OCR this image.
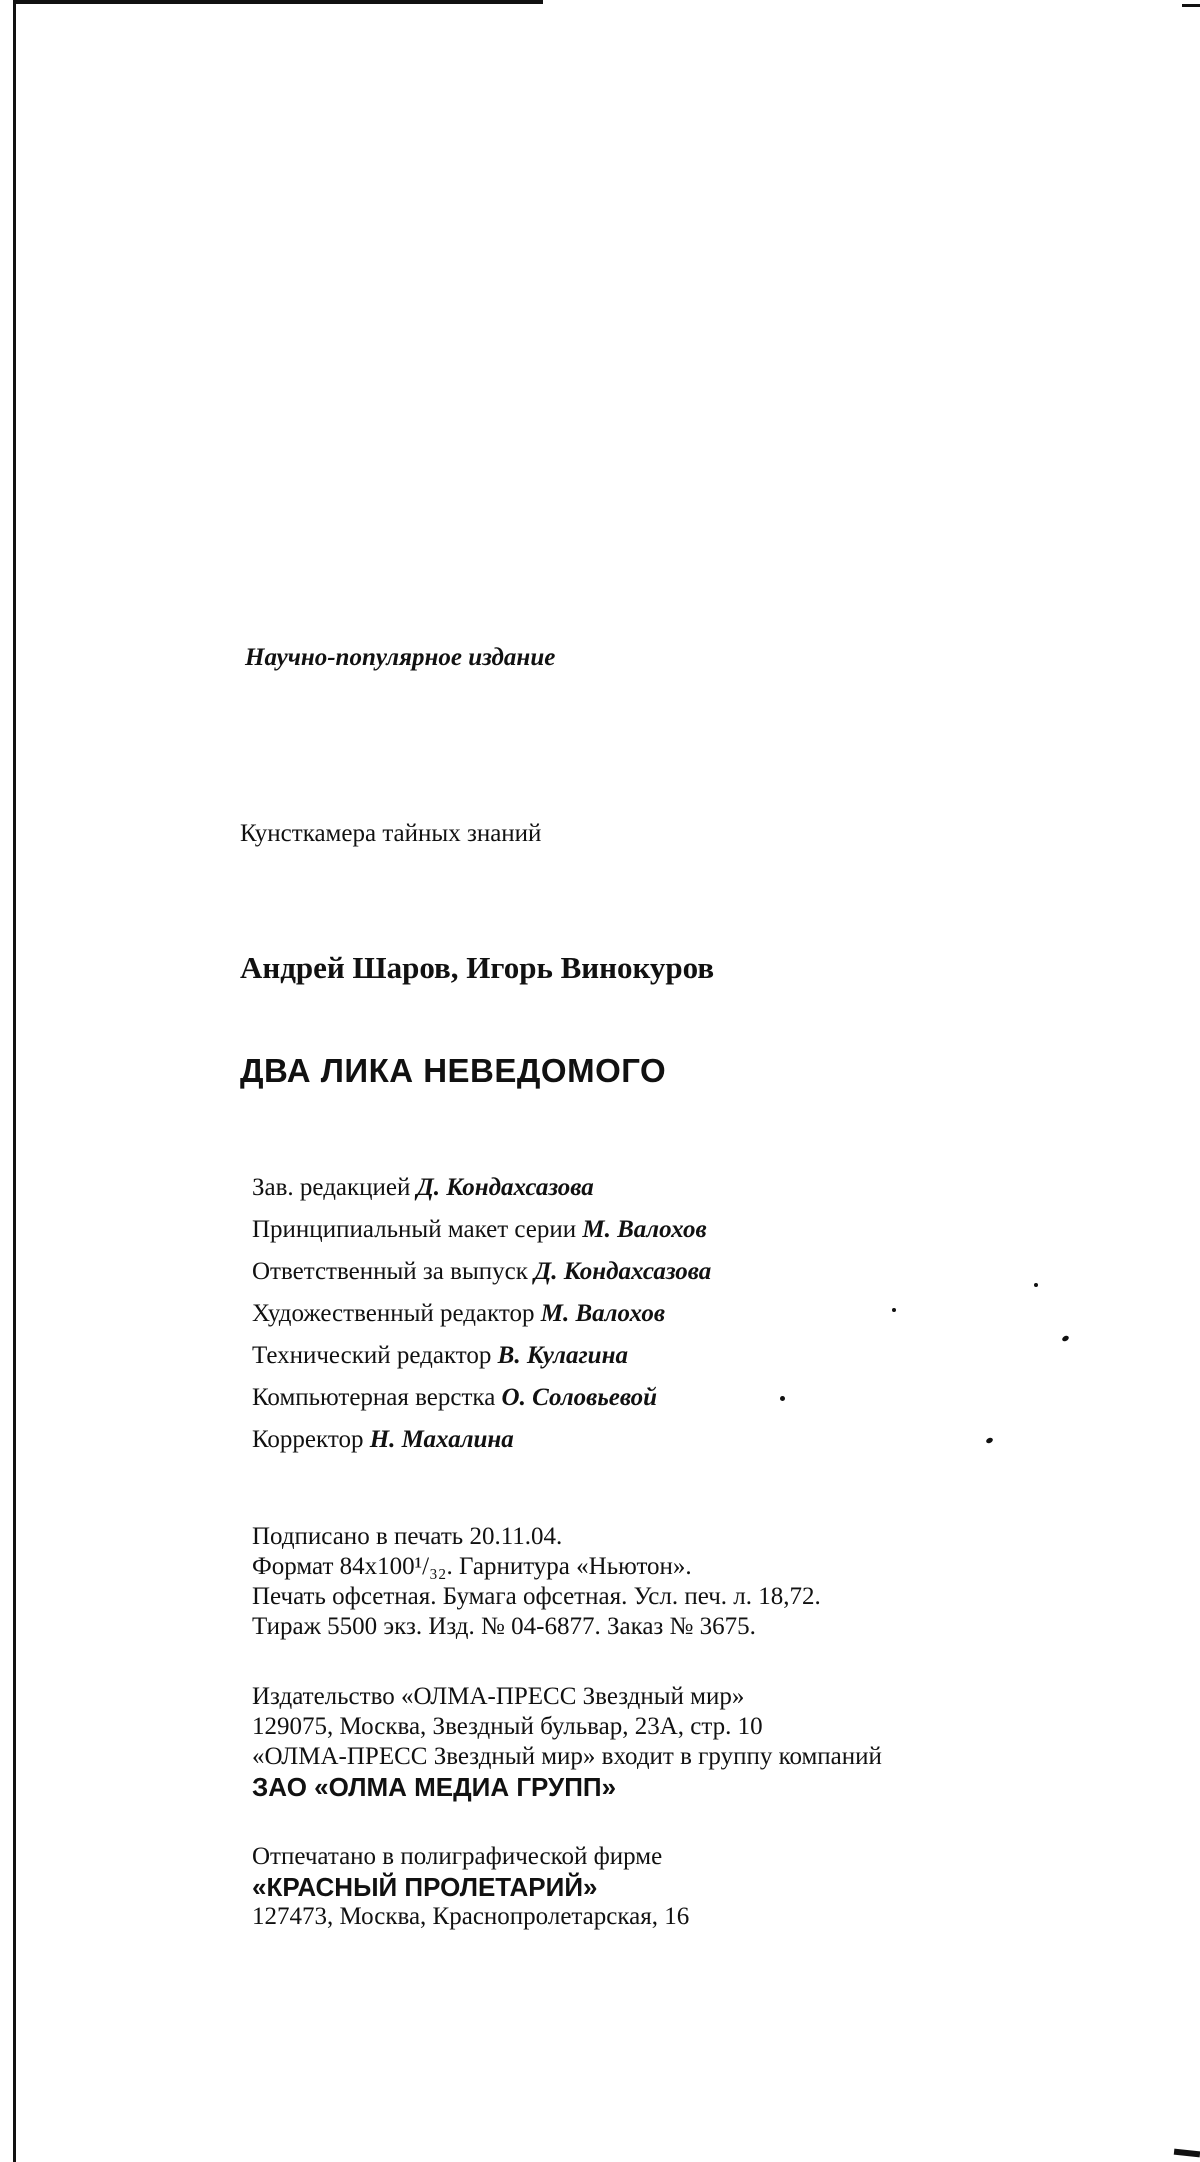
Научно-популярное издание
Кунсткамера тайных знаний
Андрей Шаров, Игорь Винокуров
ДВА ЛИКА НЕВЕДОМОГО
Зав. редакцией Д. Кондахсазова
Принципиальный макет серии М. Валохов
Ответственный за выпуск Д. Кондахсазова
Художественный редактор М. Валохов
Технический редактор В. Кулагина
Компьютерная верстка О. Соловьевой
Корректор Н. Махалина
Подписано в печать 20.11.04.
Формат 84x100¹/₃₂. Гарнитура «Ньютон».
Печать офсетная. Бумага офсетная. Усл. печ. л. 18,72.
Тираж 5500 экз. Изд. № 04-6877. Заказ № 3675.
Издательство «ОЛМА-ПРЕСС Звездный мир»
129075, Москва, Звездный бульвар, 23А, стр. 10
«ОЛМА-ПРЕСС Звездный мир» входит в группу компаний
ЗАО «ОЛМА МЕДИА ГРУПП»
Отпечатано в полиграфической фирме
«КРАСНЫЙ ПРОЛЕТАРИЙ»
127473, Москва, Краснопролетарская, 16
